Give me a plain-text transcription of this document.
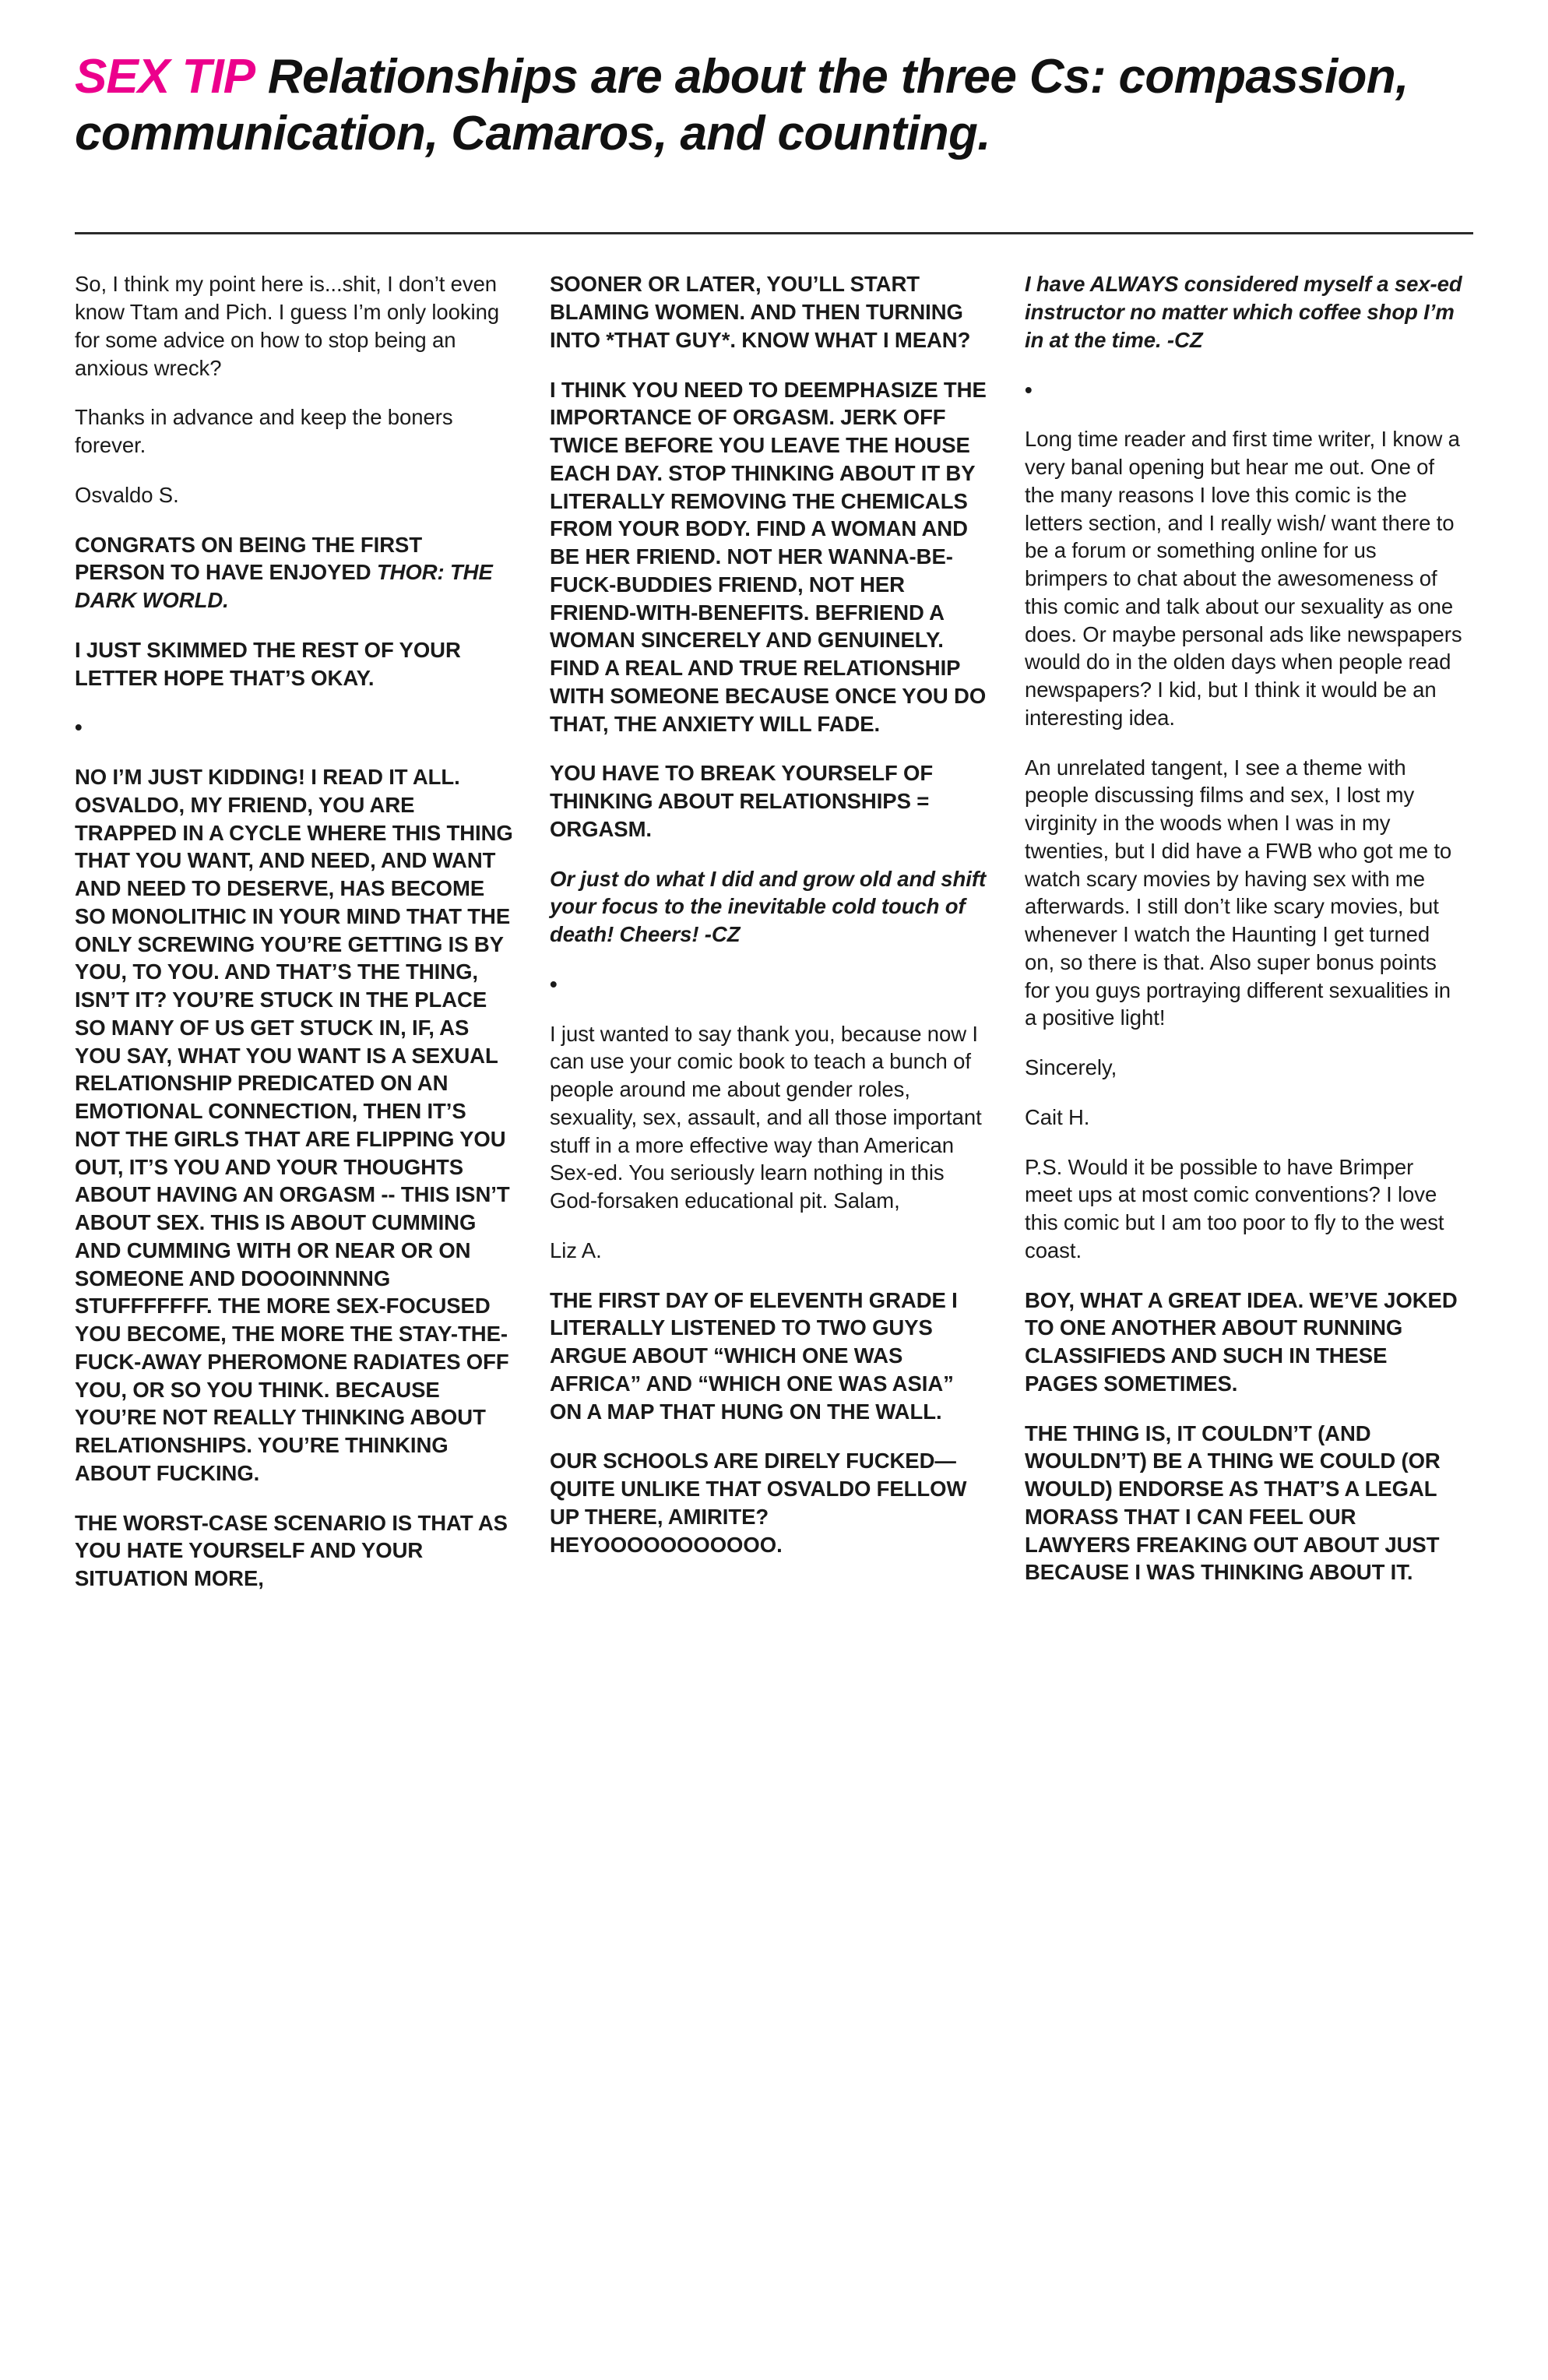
SEX TIP Relationships are about the three Cs: compassion, communication, Camaros, and counting.

So, I think my point here is...shit, I don’t even know Ttam and Pich. I guess I’m only looking for some advice on how to stop being an anxious wreck?

Thanks in advance and keep the boners forever.

Osvaldo S.

CONGRATS ON BEING THE FIRST PERSON TO HAVE ENJOYED THOR: THE DARK WORLD.

I JUST SKIMMED THE REST OF YOUR LETTER HOPE THAT’S OKAY.

•

NO I’M JUST KIDDING! I READ IT ALL. OSVALDO, MY FRIEND, YOU ARE TRAPPED IN A CYCLE WHERE THIS THING THAT YOU WANT, AND NEED, AND WANT AND NEED TO DESERVE, HAS BECOME SO MONOLITHIC IN YOUR MIND THAT THE ONLY SCREWING YOU’RE GETTING IS BY YOU, TO YOU. AND THAT’S THE THING, ISN’T IT? YOU’RE STUCK IN THE PLACE SO MANY OF US GET STUCK IN, IF, AS YOU SAY, WHAT YOU WANT IS A SEXUAL RELATIONSHIP PREDICATED ON AN EMOTIONAL CONNECTION, THEN IT’S NOT THE GIRLS THAT ARE FLIPPING YOU OUT, IT’S YOU AND YOUR THOUGHTS ABOUT HAVING AN ORGASM -- THIS ISN’T ABOUT SEX. THIS IS ABOUT CUMMING AND CUMMING WITH OR NEAR OR ON SOMEONE AND DOOOINNNNG STUFFFFFFF. THE MORE SEX-FOCUSED YOU BECOME, THE MORE THE STAY-THE-FUCK-AWAY PHEROMONE RADIATES OFF YOU, OR SO YOU THINK. BECAUSE YOU’RE NOT REALLY THINKING ABOUT RELATIONSHIPS. YOU’RE THINKING ABOUT FUCKING.

THE WORST-CASE SCENARIO IS THAT AS YOU HATE YOURSELF AND YOUR SITUATION MORE,

SOONER OR LATER, YOU’LL START BLAMING WOMEN. AND THEN TURNING INTO *THAT GUY*. KNOW WHAT I MEAN?

I THINK YOU NEED TO DEEMPHASIZE THE IMPORTANCE OF ORGASM. JERK OFF TWICE BEFORE YOU LEAVE THE HOUSE EACH DAY. STOP THINKING ABOUT IT BY LITERALLY REMOVING THE CHEMICALS FROM YOUR BODY. FIND A WOMAN AND BE HER FRIEND. NOT HER WANNA-BE-FUCK-BUDDIES FRIEND, NOT HER FRIEND-WITH-BENEFITS. BEFRIEND A WOMAN SINCERELY AND GENUINELY. FIND A REAL AND TRUE RELATIONSHIP WITH SOMEONE BECAUSE ONCE YOU DO THAT, THE ANXIETY WILL FADE.

YOU HAVE TO BREAK YOURSELF OF THINKING ABOUT RELATIONSHIPS = ORGASM.

Or just do what I did and grow old and shift your focus to the inevitable cold touch of death! Cheers! -CZ

•

I just wanted to say thank you, because now I can use your comic book to teach a bunch of people around me about gender roles, sexuality, sex, assault, and all those important stuff in a more effective way than American Sex-ed. You seriously learn nothing in this God-forsaken educational pit. Salam,

Liz A.

THE FIRST DAY OF ELEVENTH GRADE I LITERALLY LISTENED TO TWO GUYS ARGUE ABOUT “WHICH ONE WAS AFRICA” AND “WHICH ONE WAS ASIA” ON A MAP THAT HUNG ON THE WALL.

OUR SCHOOLS ARE DIRELY FUCKED—QUITE UNLIKE THAT OSVALDO FELLOW UP THERE, AMIRITE? HEYOOOOOOOOOOO.

I have ALWAYS considered myself a sex-ed instructor no matter which coffee shop I’m in at the time. -CZ

•

Long time reader and first time writer, I know a very banal opening but hear me out. One of the many reasons I love this comic is the letters section, and I really wish/ want there to be a forum or something online for us brimpers to chat about the awesomeness of this comic and talk about our sexuality as one does. Or maybe personal ads like newspapers would do in the olden days when people read newspapers? I kid, but I think it would be an interesting idea.

An unrelated tangent, I see a theme with people discussing films and sex, I lost my virginity in the woods when I was in my twenties, but I did have a FWB who got me to watch scary movies by having sex with me afterwards. I still don’t like scary movies, but whenever I watch the Haunting I get turned on, so there is that. Also super bonus points for you guys portraying different sexualities in a positive light!

Sincerely,

Cait H.

P.S. Would it be possible to have Brimper meet ups at most comic conventions? I love this comic but I am too poor to fly to the west coast.

BOY, WHAT A GREAT IDEA. WE’VE JOKED TO ONE ANOTHER ABOUT RUNNING CLASSIFIEDS AND SUCH IN THESE PAGES SOMETIMES.

THE THING IS, IT COULDN’T (AND WOULDN’T) BE A THING WE COULD (OR WOULD) ENDORSE AS THAT’S A LEGAL MORASS THAT I CAN FEEL OUR LAWYERS FREAKING OUT ABOUT JUST BECAUSE I WAS THINKING ABOUT IT.
